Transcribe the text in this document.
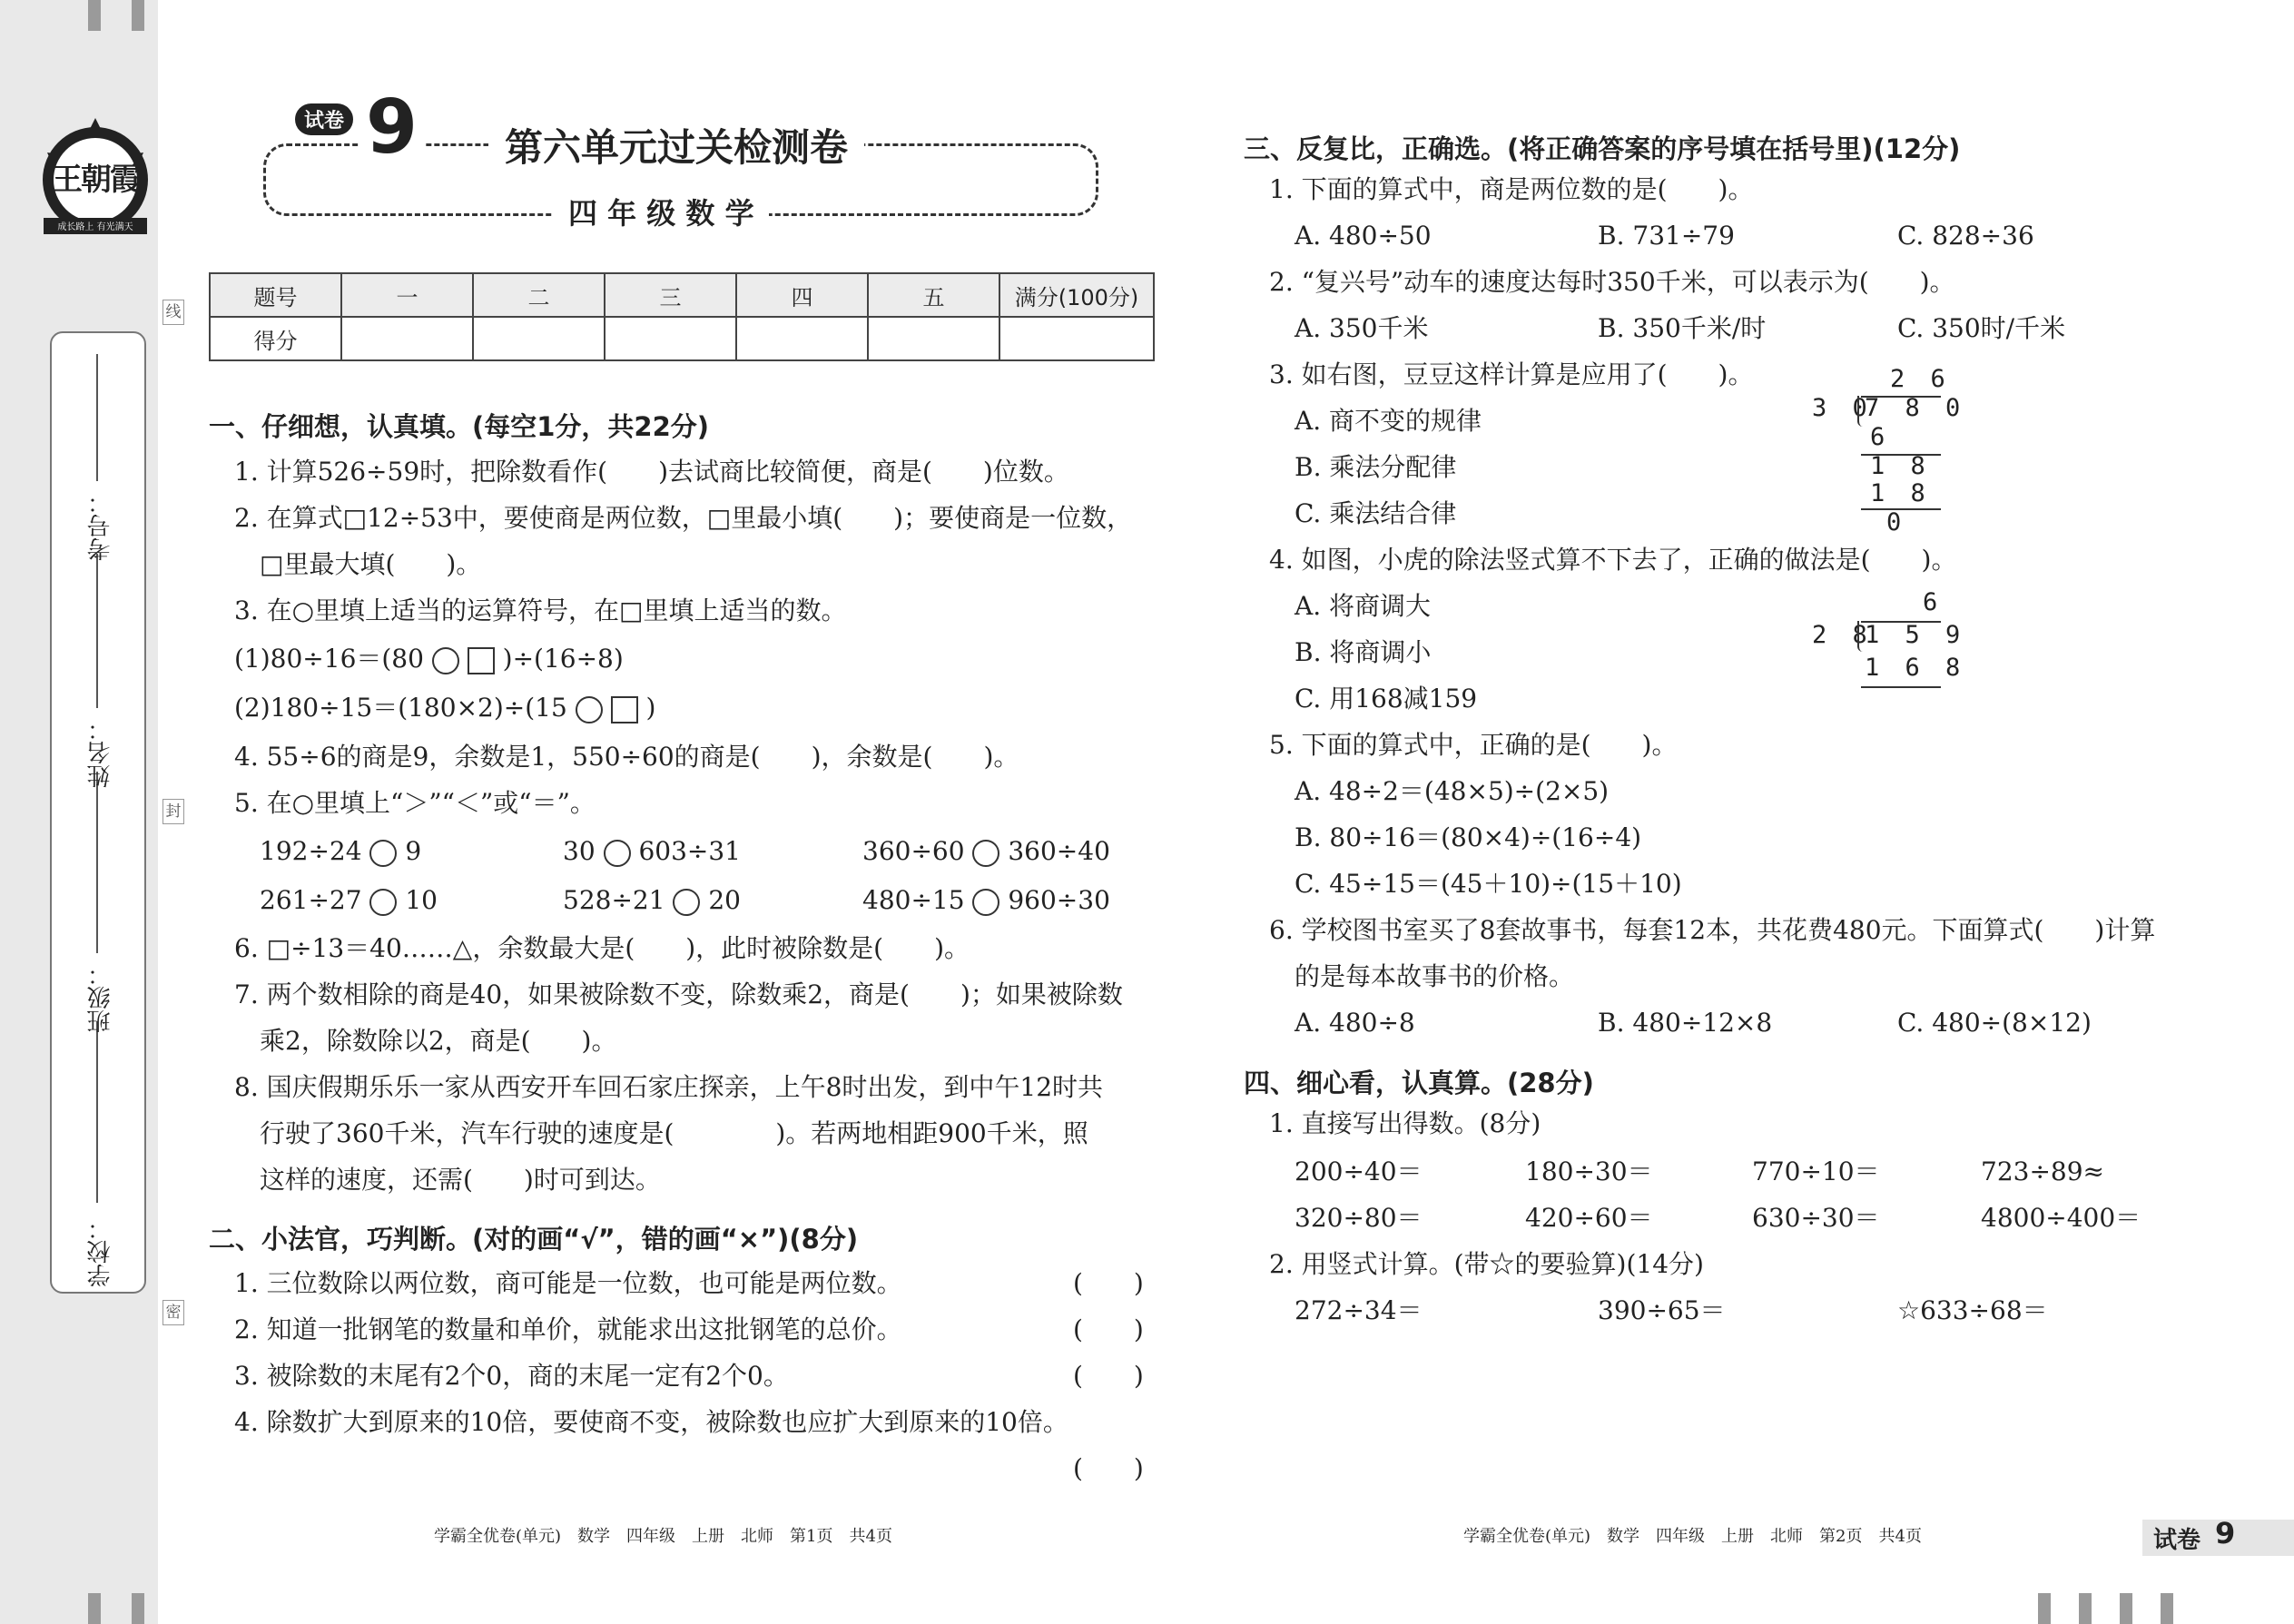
王朝霞
成长路上 有光满天
学校：
班级：
姓名：
考号：
线
封
密
试卷 9	第六单元过关检测卷
四 年 级 数 学
题号	一	二	三	四	五	满分(100分)
得分						
一、仔细想，认真填。(每空1分，共22分)
1. 计算526÷59时，把除数看作(　　)去试商比较简便，商是(　　)位数。
2. 在算式□12÷53中，要使商是两位数，□里最小填(　　)；要使商是一位数，
□里最大填(　　)。
3. 在○里填上适当的运算符号，在□里填上适当的数。
(1)80÷16＝(80	)÷(16÷8)
(2)180÷15＝(180×2)÷(15	)
4. 55÷6的商是9，余数是1，550÷60的商是(　　)，余数是(　　)。
5. 在○里填上“＞”“＜”或“＝”。
192÷24 9	30 603÷31	360÷60 360÷40
261÷27 10	528÷21 20	480÷15 960÷30
6. □÷13＝40……△，余数最大是(　　)，此时被除数是(　　)。
7. 两个数相除的商是40，如果被除数不变，除数乘2，商是(　　)；如果被除数
乘2，除数除以2，商是(　　)。
8. 国庆假期乐乐一家从西安开车回石家庄探亲，上午8时出发，到中午12时共
行驶了360千米，汽车行驶的速度是(　　　　)。若两地相距900千米，照
这样的速度，还需(　　)时可到达。
二、小法官，巧判断。(对的画“√”，错的画“×”)(8分)
1. 三位数除以两位数，商可能是一位数，也可能是两位数。	(　　)
2. 知道一批钢笔的数量和单价，就能求出这批钢笔的总价。	(　　)
3. 被除数的末尾有2个0，商的末尾一定有2个0。	(　　)
4. 除数扩大到原来的10倍，要使商不变，被除数也应扩大到原来的10倍。
(　　)
学霸全优卷(单元)　数学　四年级　上册　北师　第1页　共4页
三、反复比，正确选。(将正确答案的序号填在括号里)(12分)
1. 下面的算式中，商是两位数的是(　　)。
A. 480÷50	B. 731÷79	C. 828÷36
2. “复兴号”动车的速度达每时350千米，可以表示为(　　)。
A. 350千米	B. 350千米/时	C. 350时/千米
3. 如右图，豆豆这样计算是应用了(　　)。
A. 商不变的规律
B. 乘法分配律
C. 乘法结合律
2 6
3 0
7 8 0
6
1 8
1 8
0
4. 如图，小虎的除法竖式算不下去了，正确的做法是(　　)。
A. 将商调大
B. 将商调小
C. 用168减159
6
2 8
1 5 9
1 6 8
5. 下面的算式中，正确的是(　　)。
A. 48÷2＝(48×5)÷(2×5)
B. 80÷16＝(80×4)÷(16÷4)
C. 45÷15＝(45＋10)÷(15＋10)
6. 学校图书室买了8套故事书，每套12本，共花费480元。下面算式(　　)计算
的是每本故事书的价格。
A. 480÷8	B. 480÷12×8	C. 480÷(8×12)
四、细心看，认真算。(28分)
1. 直接写出得数。(8分)
200÷40＝	180÷30＝	770÷10＝	723÷89≈
320÷80＝	420÷60＝	630÷30＝	4800÷400＝
2. 用竖式计算。(带☆的要验算)(14分)
272÷34＝	390÷65＝	☆633÷68＝
学霸全优卷(单元)　数学　四年级　上册　北师　第2页　共4页	试卷 9
